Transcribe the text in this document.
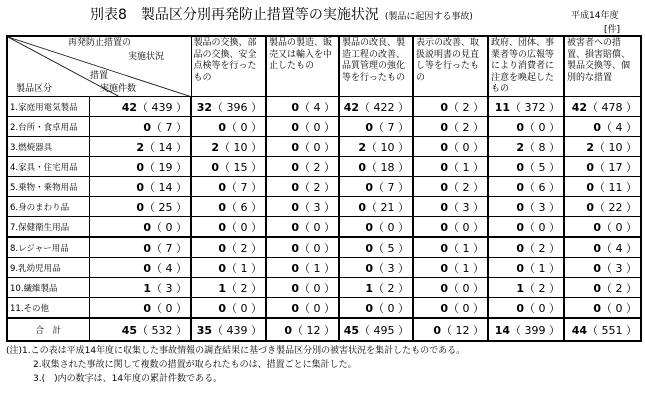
別表8　製品区分別再発防止措置等の実施状況 (製品に起因する事故)	平成14年度
[件]
再発防止措置の
実施状況
措置
製品区分 実施件数		製品の交換、部品の交換、安全点検等を行ったもの	製品の製造、販売又は輸入を中止したもの	製品の改良、製造工程の改善、品質管理の強化等を行ったもの	表示の改善、取扱説明書の見直し等を行ったもの	政府、団体、事業者等の広報等により消費者に注意を喚起したもの	被害者への措置、損害賠償、製品交換等、個別的な措置
1.家庭用電気製品	42（ 439 ）	32（ 396 ）	0（ 4 ）	42（ 422 ）	0（ 2 ）	11（ 372 ）	42（ 478 ）
2.台所・食卓用品	0（ 7 ）	0（ 0 ）	0（ 0 ）	0（ 7 ）	0（ 2 ）	0（ 0 ）	0（ 4 ）
3.燃焼器具	2（ 14 ）	2（ 10 ）	0（ 0 ）	2（ 10 ）	0（ 0 ）	2（ 8 ）	2（ 10 ）
4.家具・住宅用品	0（ 19 ）	0（ 15 ）	0（ 2 ）	0（ 18 ）	0（ 1 ）	0（ 5 ）	0（ 17 ）
5.乗物・乗物用品	0（ 14 ）	0（ 7 ）	0（ 2 ）	0（ 7 ）	0（ 2 ）	0（ 6 ）	0（ 11 ）
6.身のまわり品	0（ 25 ）	0（ 6 ）	0（ 3 ）	0（ 21 ）	0（ 3 ）	0（ 3 ）	0（ 22 ）
7.保健衛生用品	0（ 0 ）	0（ 0 ）	0（ 0 ）	0（ 0 ）	0（ 0 ）	0（ 0 ）	0（ 0 ）
8.レジャー用品	0（ 7 ）	0（ 2 ）	0（ 0 ）	0（ 5 ）	0（ 1 ）	0（ 2 ）	0（ 4 ）
9.乳幼児用品	0（ 4 ）	0（ 1 ）	0（ 1 ）	0（ 3 ）	0（ 1 ）	0（ 1 ）	0（ 3 ）
10.繊維製品	1（ 3 ）	1（ 2 ）	0（ 0 ）	1（ 2 ）	0（ 0 ）	1（ 2 ）	0（ 2 ）
11.その他	0（ 0 ）	0（ 0 ）	0（ 0 ）	0（ 0 ）	0（ 0 ）	0（ 0 ）	0（ 0 ）
合　計	45（ 532 ）	35（ 439 ）	0（ 12 ）	45（ 495 ）	0（ 12 ）	14（ 399 ）	44（ 551 ）
(注)1.この表は平成14年度に収集した事故情報の調査結果に基づき製品区分別の被害状況を集計したものである。
2.収集された事故に関して複数の措置が取られたものは、措置ごとに集計した。
3.(　)内の数字は、14年度の累計件数である。
